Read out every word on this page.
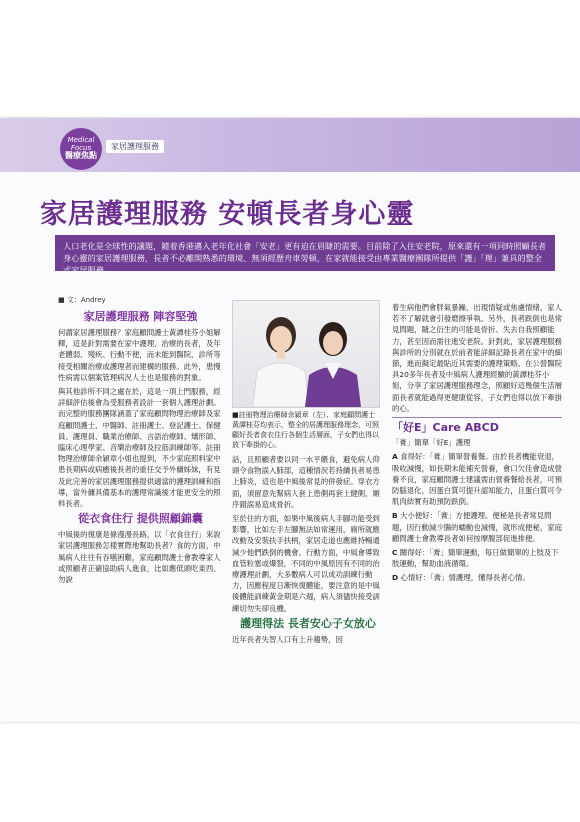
Medical Focus
醫療焦點
家居護理服務
家居護理服務 安頓長者身心靈
人口老化是全球性的議題，隨着香港邁入老年化社會「安老」更有迫在眉睫的需要。目前除了入住安老院，原來還有一項同時照顧長者身心靈的家居護理服務，長者不必離開熟悉的環境、無須經歷舟車勞頓，在家就能接受由專業醫療團隊所提供「護」「理」兼具的整全式家居服務。
■ 文：Andrey
家居護理服務 陣容堅強

何謂家居護理服務？家庭顧問護士黃譚桂芬小姐解釋，這是針對需要在家中護理、治療的長者，及年老體弱、殘疾、行動不便，而未能到醫院、診所等接受相關治療或護理者而建構的服務。此外，患慢性病需以個案管理病況人士也是服務的對象。

與其他診所不同之處在於，這是一項上門服務，經詳細評估後會為受服務者設計一套個人護理計劃。而完整的服務團隊涵蓋了家庭顧問物理治療師及家庭顧問護士、中醫師、註冊護士、登記護士、保健員、護理員、職業治療師、言語治療師、矯形師、臨床心理學家、音樂治療師及拉筋訓練師等。註冊物理治療師余穎章小姐也提到，不少家庭照料家中患長期病或病癒後長者的重任交予外傭姊妹，有見及此完善的家居護理服務提供適當的護理訓練和指導，當外傭具備基本的護理常識後才能更安全的照料長者。

從衣食住行 提供照顧錦囊

中風後的復康是條漫漫長路，以「衣食住行」來說家居護理服務怎樣實際地幫助長者？食的方面，中風病人往往有吞嚥困難，家庭顧問護士會教導家人或照顧者正確協助病人進食，比如應低頭吃東西、勿說

■註冊物理治療師余穎章（左）、家庭顧問護士黃譚桂芬均表示，整全的居護理服務理念，可照顧好長者食衣住行各個生活層面，子女們也得以放下牽掛的心。

話，且照顧者要以同一水平餵食，避免病人仰頭令食物誤入肺部，這種情況若持續長者易患上肺炎，這也是中風後常見的併發症。穿衣方面，須留意先幫病人套上患側再套上健側，順序錯誤易造成骨折。

至於住的方面，如果中風後病人手腳功能受到影響，比如左手左腳無法如常運用，廁所就應改動及安裝扶手扶柄，家居走道也應維持暢通減少他們跌倒的機會。行動方面，中風會導致血管粒塞或爆裂，不同的中風原因有不同的治療護理計劃，大多數病人可以成功訓練行動力，因應程度日漸恢復體能，要注意的是中風後體能訓練黃金期是六週，病人須儘快接受訓練切勿失卻良機。

護理得法 長者安心子女放心

近年長者失智人口有上升趨勢，因

着生病他們會胖氣暴躁、出現情疑或焦慮情緒，家人若不了解就會引發磨擦爭執。另外，長者跌倒也是常見問題，隨之衍生的可能是骨折、失去自我照顧能力，甚至因而需住進安老院。針對此，家居護理服務與診所的分別就在於前者能詳細記錄長者在家中的細節，進而擬定最貼近其需要的護理策略。在公營醫院具20多年長者及中風病人護理經驗的黃譚桂芬小姐，分享了家居護理服務理念，照顧好這幾個生活層面長者就能過得更健康從容，子女們也得以放下牽掛的心。

「好E」Care ABCD

「膏」簡單「好E」護理

A 食得好：「膏」簡單營養餐。由於長者機能衰退，吸收減慢，如長期未能補充營養，會口欠佳會造成營養不良，家庭顧問護士建議需由營養餐給長者，可預防腦退化，因蛋白質可提升認知能力，且蛋白質可令肌肉結實有助預防跌倒。
B 大小便好：「膏」方便護理。便秘是長者常見問題，因行動減少腸的蠕動也減慢，就形成便秘，家庭顧問護士會教導長者如何按摩腹部促進排便。
C 關得好：「膏」簡單運動，每日做簡單的上肢及下肢運動，幫助血液循環。
D 心情好：「膏」情護理，懂得長者心情。
